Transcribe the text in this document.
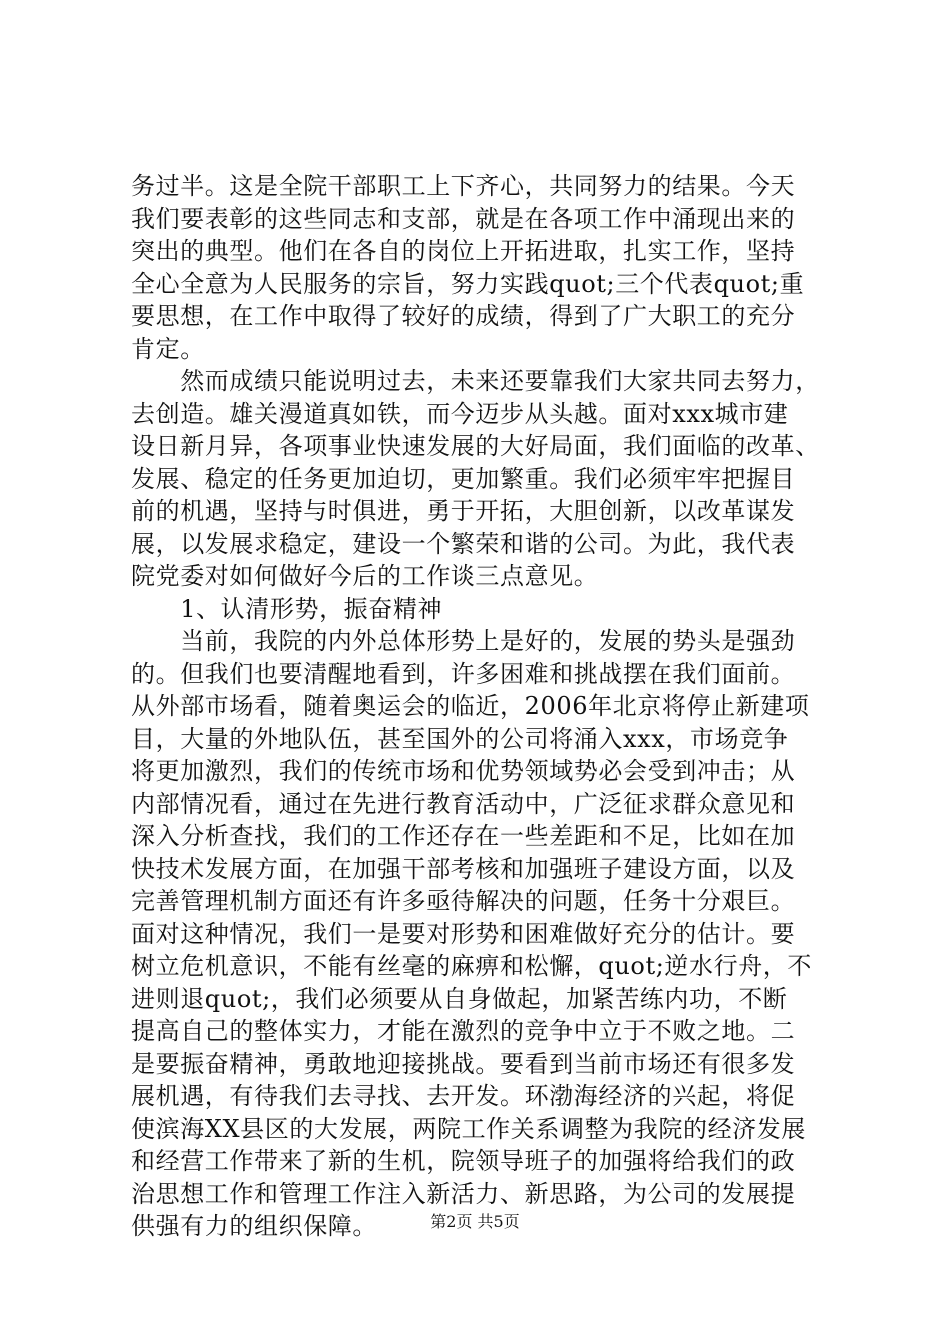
务过半。这是全院干部职工上下齐心，共同努力的结果。今天
我们要表彰的这些同志和支部，就是在各项工作中涌现出来的
突出的典型。他们在各自的岗位上开拓进取，扎实工作，坚持
全心全意为人民服务的宗旨，努力实践quot;三个代表quot;重
要思想，在工作中取得了较好的成绩，得到了广大职工的充分
肯定。
　　然而成绩只能说明过去，未来还要靠我们大家共同去努力，
去创造。雄关漫道真如铁，而今迈步从头越。面对xxx城市建
设日新月异，各项事业快速发展的大好局面，我们面临的改革、
发展、稳定的任务更加迫切，更加繁重。我们必须牢牢把握目
前的机遇，坚持与时俱进，勇于开拓，大胆创新，以改革谋发
展，以发展求稳定，建设一个繁荣和谐的公司。为此，我代表
院党委对如何做好今后的工作谈三点意见。
　　1、认清形势，振奋精神
　　当前，我院的内外总体形势上是好的，发展的势头是强劲
的。但我们也要清醒地看到，许多困难和挑战摆在我们面前。
从外部市场看，随着奥运会的临近，2006年北京将停止新建项
目，大量的外地队伍，甚至国外的公司将涌入xxx，市场竞争
将更加激烈，我们的传统市场和优势领域势必会受到冲击；从
内部情况看，通过在先进行教育活动中，广泛征求群众意见和
深入分析查找，我们的工作还存在一些差距和不足，比如在加
快技术发展方面，在加强干部考核和加强班子建设方面，以及
完善管理机制方面还有许多亟待解决的问题，任务十分艰巨。
面对这种情况，我们一是要对形势和困难做好充分的估计。要
树立危机意识，不能有丝毫的麻痹和松懈，quot;逆水行舟，不
进则退quot;，我们必须要从自身做起，加紧苦练内功，不断
提高自己的整体实力，才能在激烈的竞争中立于不败之地。二
是要振奋精神，勇敢地迎接挑战。要看到当前市场还有很多发
展机遇，有待我们去寻找、去开发。环渤海经济的兴起，将促
使滨海XX县区的大发展，两院工作关系调整为我院的经济发展
和经营工作带来了新的生机，院领导班子的加强将给我们的政
治思想工作和管理工作注入新活力、新思路，为公司的发展提
供强有力的组织保障。	第2页 共5页
